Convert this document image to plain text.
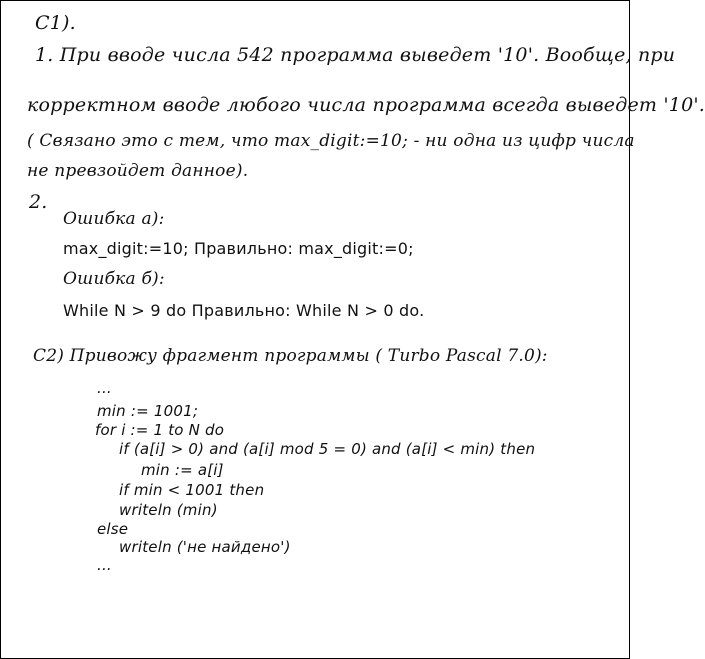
С1).
1. При вводе числа 542 программа выведет '10'. Вообще, при
корректном вводе любого числа программа всегда выведет '10'.
( Связано это с тем, что max_digit:=10; - ни одна из цифр числа
не превзойдет данное).
2.
Ошибка а):
max_digit:=10; Правильно: max_digit:=0;
Ошибка б):
While N > 9 do Правильно: While N > 0 do.
С2) Привожу фрагмент программы ( Turbo Pascal 7.0):
...
min := 1001;
for i := 1 to N do
if (a[i] > 0) and (a[i] mod 5 = 0) and (a[i] < min) then
min := a[i]
if min < 1001 then
writeln (min)
else
writeln ('не найдено')
...
